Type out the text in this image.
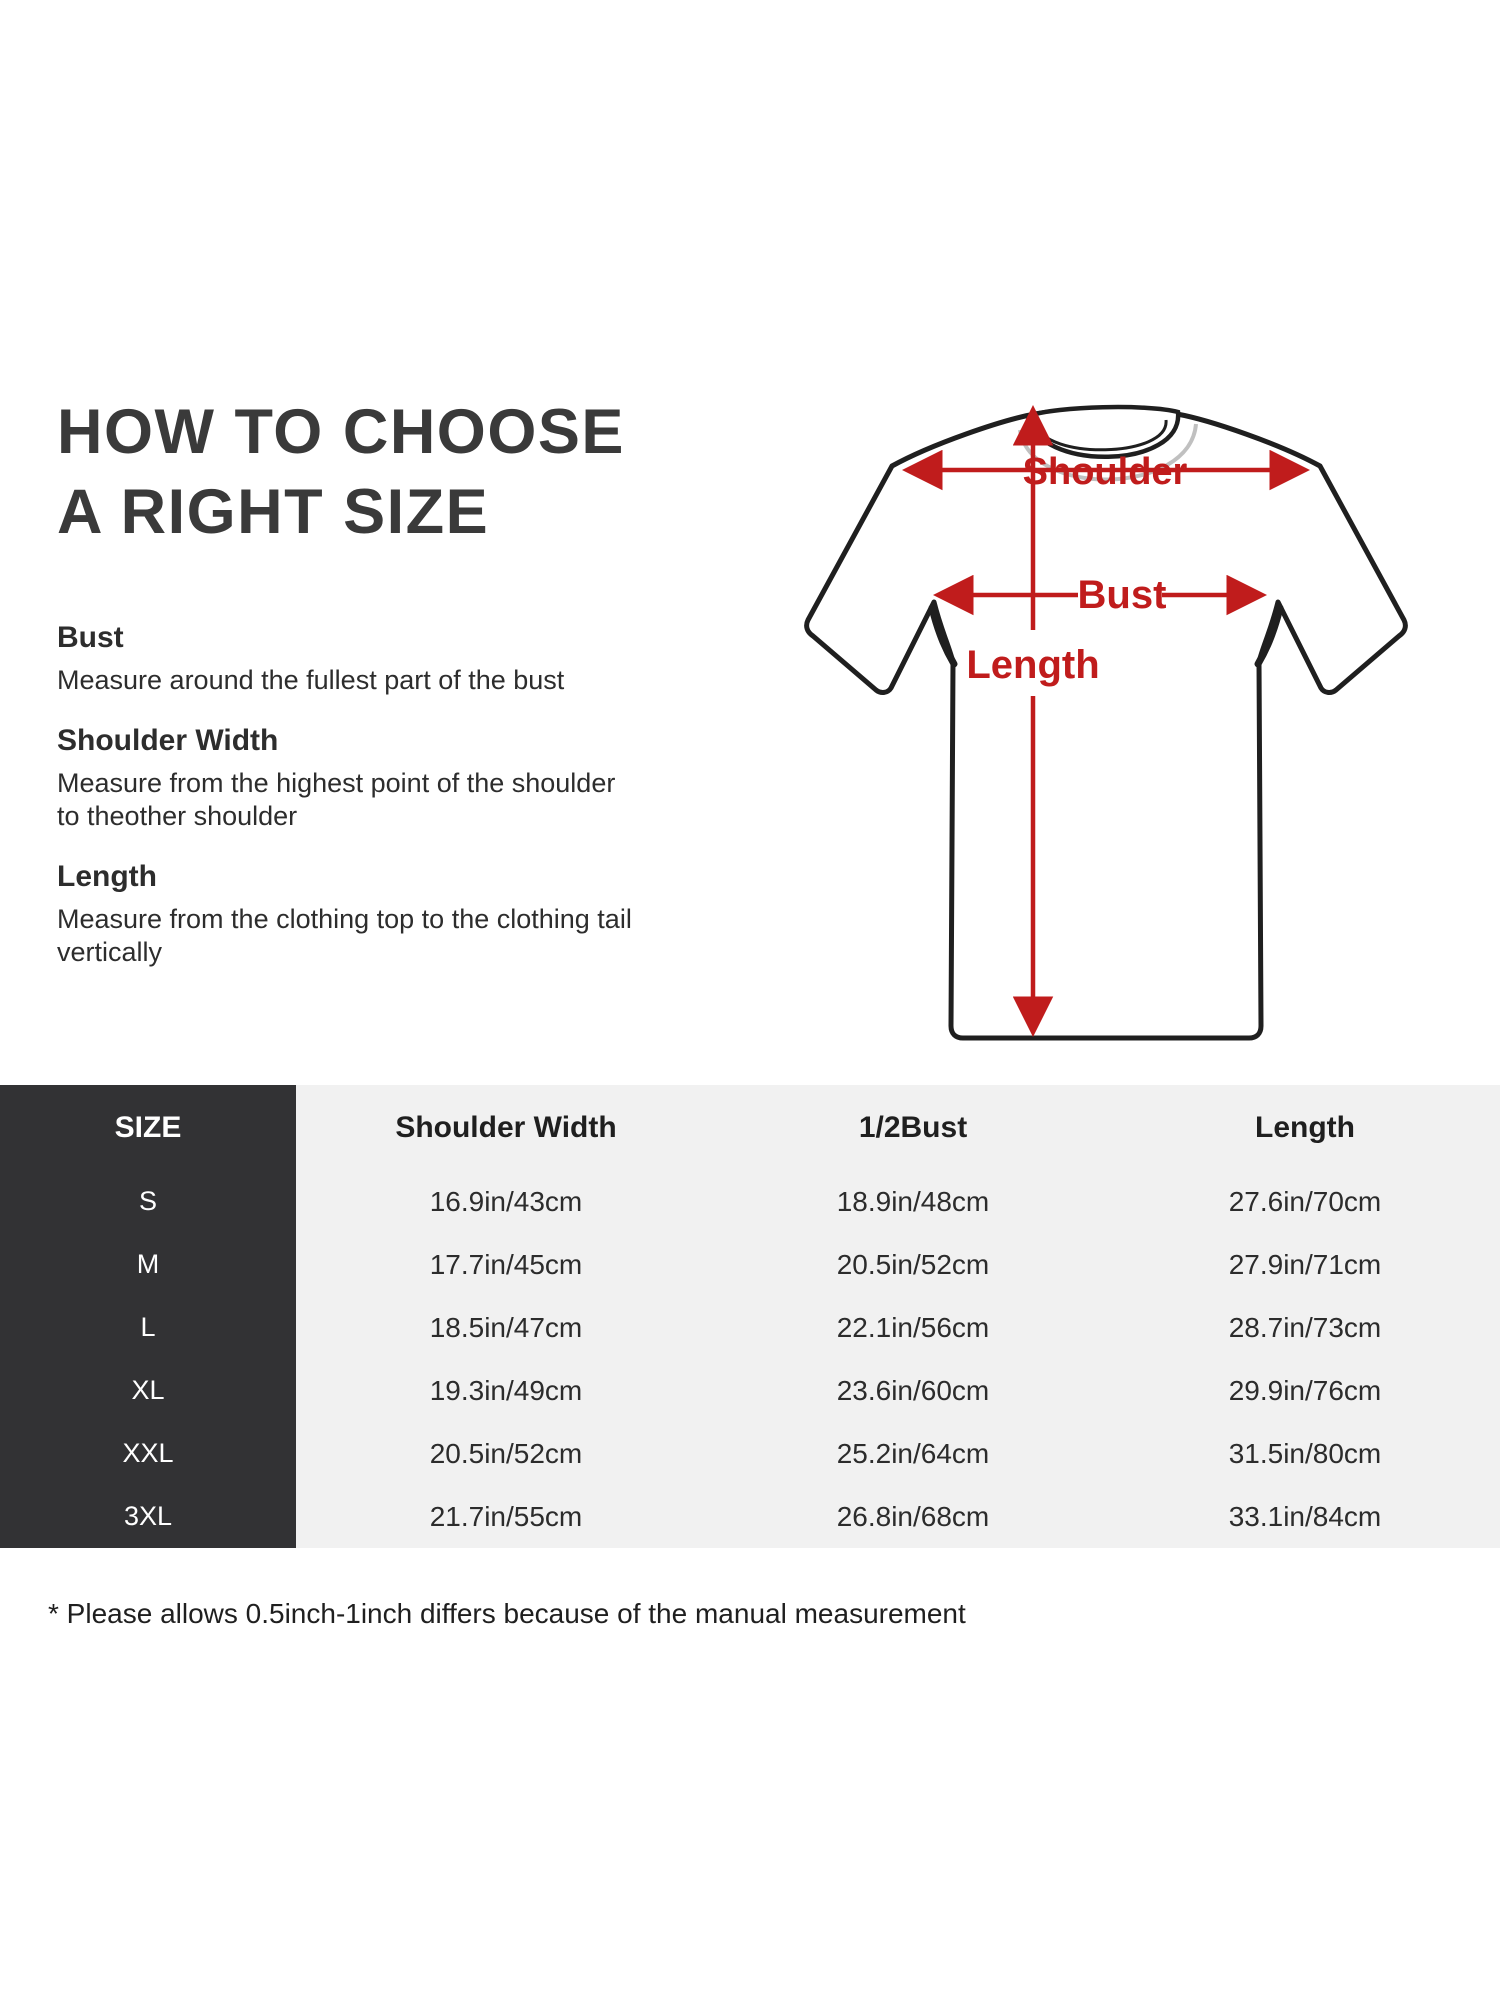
HOW TO CHOOSE
A RIGHT SIZE
Bust

Measure around the fullest part of the bust

Shoulder Width

Measure from the highest point of the shoulder to theother shoulder

Length

Measure from the clothing top to the clothing tail vertically

Shoulder
Bust
Length
SIZE	Shoulder Width	1/2Bust	Length
S	16.9in/43cm	18.9in/48cm	27.6in/70cm
M	17.7in/45cm	20.5in/52cm	27.9in/71cm
L	18.5in/47cm	22.1in/56cm	28.7in/73cm
XL	19.3in/49cm	23.6in/60cm	29.9in/76cm
XXL	20.5in/52cm	25.2in/64cm	31.5in/80cm
3XL	21.7in/55cm	26.8in/68cm	33.1in/84cm

* Please allows 0.5inch-1inch differs because of the manual measurement
